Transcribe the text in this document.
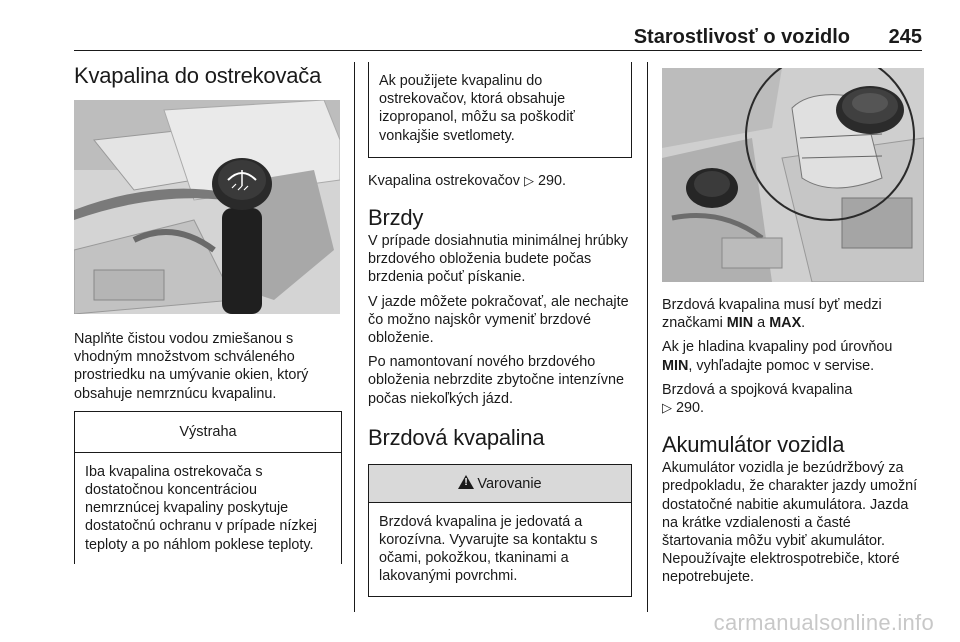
Starostlivosť o vozidlo 245
Kvapalina do ostrekovača

Naplňte čistou vodou zmiešanou s vhodným množstvom schváleného prostriedku na umývanie okien, ktorý obsahuje nemrznúcu kvapalinu.

Výstraha
Iba kvapalina ostrekovača s dostatočnou koncentráciou nemrznúcej kvapaliny poskytuje dostatočnú ochranu v prípade nízkej teploty a po náhlom poklese teploty.
Ak použijete kvapalinu do ostrekovačov, ktorá obsahuje izopropanol, môžu sa poškodiť vonkajšie svetlomety.

Kvapalina ostrekovačov ▷ 290.

Brzdy

V prípade dosiahnutia minimálnej hrúbky brzdového obloženia budete počas brzdenia počuť pískanie.

V jazde môžete pokračovať, ale nechajte čo možno najskôr vymeniť brzdové obloženie.

Po namontovaní nového brzdového obloženia nebrzdite zbytočne intenzívne počas niekoľkých jázd.

Brzdová kvapalina
!Varovanie
Brzdová kvapalina je jedovatá a korozívna. Vyvarujte sa kontaktu s očami, pokožkou, tkaninami a lakovanými povrchmi.

Brzdová kvapalina musí byť medzi značkami MIN a MAX.

Ak je hladina kvapaliny pod úrovňou MIN, vyhľadajte pomoc v servise.

Brzdová a spojková kvapalina
▷ 290.

Akumulátor vozidla

Akumulátor vozidla je bezúdržbový za predpokladu, že charakter jazdy umožní dostatočné nabitie akumulátora. Jazda na krátke vzdialenosti a časté štartovania môžu vybiť akumulátor. Nepoužívajte elektrospotrebiče, ktoré nepotrebujete.

carmanualsonline.info
